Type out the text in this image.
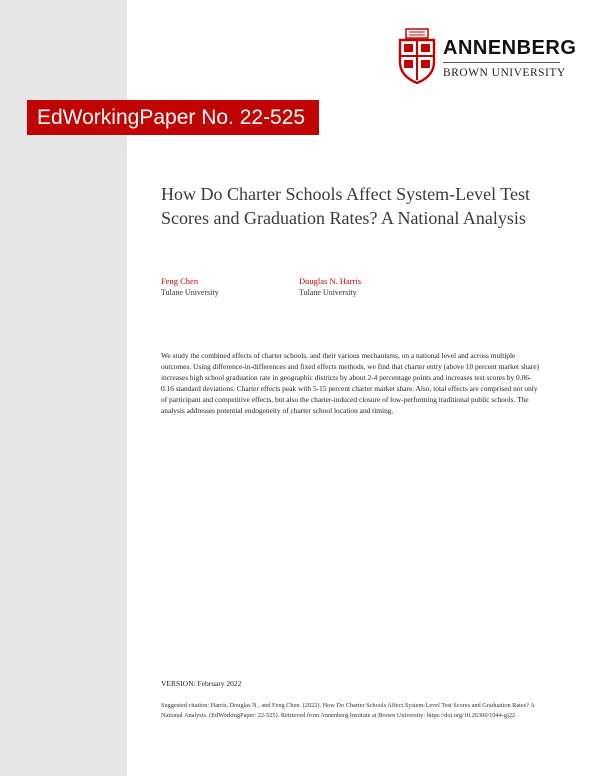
ANNENBERG
BROWN UNIVERSITY
EdWorkingPaper No. 22-525
How Do Charter Schools Affect System-Level Test Scores and Graduation Rates? A National Analysis
Feng Chen
Tulane University
Douglas N. Harris
Tulane University
We study the combined effects of charter schools, and their various mechanisms, on a national level and across multiple outcomes. Using difference-in-differences and fixed effects methods, we find that charter entry (above 10 percent market share) increases high school graduation rate in geographic districts by about 2-4 percentage points and increases test scores by 0.06-0.16 standard deviations. Charter effects peak with 5-15 percent charter market share. Also, total effects are comprised not only of participant and competitive effects, but also the charter-induced closure of low-performing traditional public schools. The analysis addresses potential endogeneity of charter school location and timing.
VERSION: February 2022
Suggested citation: Harris, Douglas N., and Feng Chen. (2022). How Do Charter Schools Affect System-Level Test Scores and Graduation Rates? A National Analysis. (EdWorkingPaper: 22-525). Retrieved from Annenberg Institute at Brown University: https://doi.org/10.26300/1044-gj22
